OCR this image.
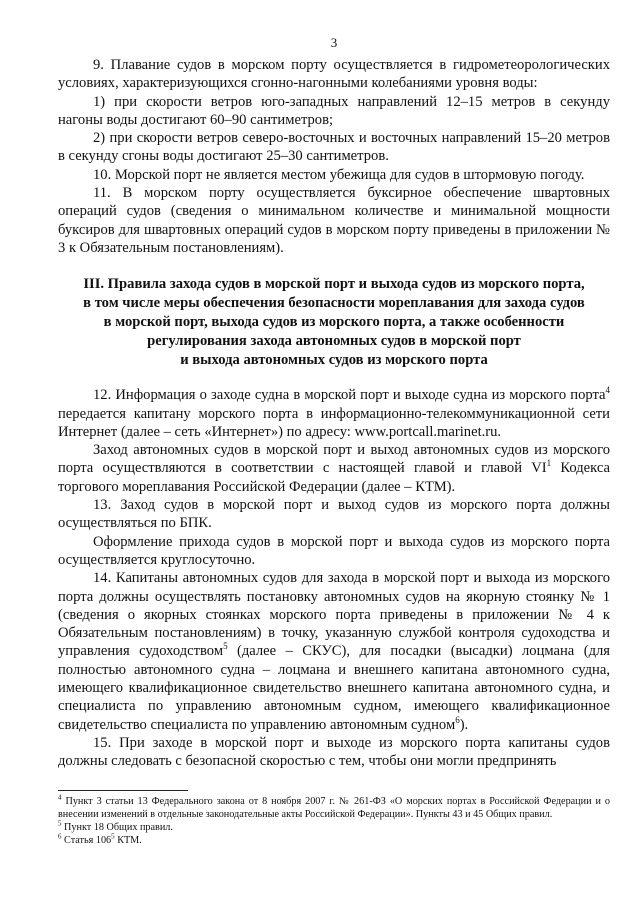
3

9. Плавание судов в морском порту осуществляется в гидрометеорологических условиях, характеризующихся сгонно-нагонными колебаниями уровня воды:

1) при скорости ветров юго-западных направлений 12–15 метров в секунду нагоны воды достигают 60–90 сантиметров;

2) при скорости ветров северо-восточных и восточных направлений 15–20 метров в секунду сгоны воды достигают 25–30 сантиметров.

10. Морской порт не является местом убежища для судов в штормовую погоду.

11. В морском порту осуществляется буксирное обеспечение швартовных операций судов (сведения о минимальном количестве и минимальной мощности буксиров для швартовных операций судов в морском порту приведены в приложении № 3 к Обязательным постановлениям).

III. Правила захода судов в морской порт и выхода судов из морского порта,
в том числе меры обеспечения безопасности мореплавания для захода судов
в морской порт, выхода судов из морского порта, а также особенности
регулирования захода автономных судов в морской порт
и выхода автономных судов из морского порта

12. Информация о заходе судна в морской порт и выходе судна из морского порта$^4$ передается капитану морского порта в информационно-телекоммуникационной сети Интернет (далее – сеть «Интернет») по адресу: www.portcall.marinet.ru.

Заход автономных судов в морской порт и выход автономных судов из морского порта осуществляются в соответствии с настоящей главой и главой $VI^1$ Кодекса торгового мореплавания Российской Федерации (далее – КТМ).

13. Заход судов в морской порт и выход судов из морского порта должны осуществляться по БПК.

Оформление прихода судов в морской порт и выхода судов из морского порта осуществляется круглосуточно.

14. Капитаны автономных судов для захода в морской порт и выхода из морского порта должны осуществлять постановку автономных судов на якорную стоянку № 1 (сведения о якорных стоянках морского порта приведены в приложении № 4 к Обязательным постановлениям) в точку, указанную службой контроля судоходства и управления судоходством$^5$ (далее – СКУС), для посадки (высадки) лоцмана (для полностью автономного судна – лоцмана и внешнего капитана автономного судна, имеющего квалификационное свидетельство внешнего капитана автономного судна, и специалиста по управлению автономным судном, имеющего квалификационное свидетельство специалиста по управлению автономным судном$^6$).

15. При заходе в морской порт и выходе из морского порта капитаны судов должны следовать с безопасной скоростью с тем, чтобы они могли предпринять

$^4$ Пункт 3 статьи 13 Федерального закона от 8 ноября 2007 г. № 261-ФЗ «О морских портах в Российской Федерации и о внесении изменений в отдельные законодательные акты Российской Федерации». Пункты 43 и 45 Общих правил.

$^5$ Пункт 18 Общих правил.

$^6$ Статья $106^5$ КТМ.
